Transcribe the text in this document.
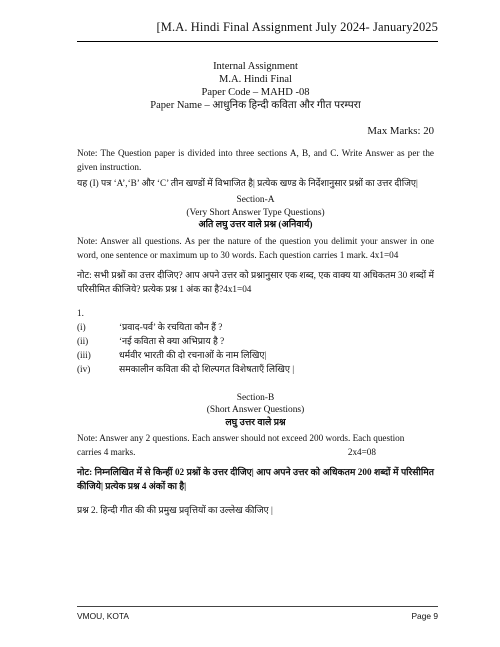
[M.A. Hindi Final Assignment July 2024- January2025
Internal Assignment
M.A. Hindi Final
Paper Code – MAHD -08
Paper Name – आधुनिक हिन्दी कविता और गीत परम्परा
Max Marks: 20
Note: The Question paper is divided into three sections A, B, and C. Write Answer as per the given instruction.
यह (I) पत्र ‘A’,‘B’ और ‘C’ तीन खण्डों में विभाजित है| प्रत्येक खण्ड के निर्देशानुसार प्रश्नों का उत्तर दीजिए|
Section-A
(Very Short Answer Type Questions)
अति लघु उत्तर वाले प्रश्न (अनिवार्य)
Note: Answer all questions. As per the nature of the question you delimit your answer in one word, one sentence or maximum up to 30 words. Each question carries 1 mark. 4x1=04
नोट: सभी प्रश्नों का उत्तर दीजिए? आप अपने उत्तर को प्रश्नानुसार एक शब्द, एक वाक्य या अधिकतम 30 शब्दों में परिसीमित कीजिये? प्रत्येक प्रश्न 1 अंक का है?4x1=04
1.
(i)	‘प्रवाद-पर्व’ के रचयिता कौन हैं ?
(ii)	‘नई कविता से क्या अभिप्राय है ?
(iii)	धर्मवीर भारती की दो रचनाओं के नाम लिखिए|
(iv)	समकालीन कविता की दो शिल्पगत विशेषताएँ लिखिए |
Section-B
(Short Answer Questions)
लघु उत्तर वाले प्रश्न
Note: Answer any 2 questions. Each answer should not exceed 200 words. Each question
carries 4 marks.	2x4=08
नोट: निम्नलिखित में से किन्हीं 02 प्रश्नों के उत्तर दीजिए| आप अपने उत्तर को अधिकतम 200 शब्दों में परिसीमित कीजिये| प्रत्येक प्रश्न 4 अंकों का है|
प्रश्न 2. हिन्दी गीत की की प्रमुख प्रवृत्तियों का उल्लेख कीजिए |
VMOU, KOTA	Page 9
